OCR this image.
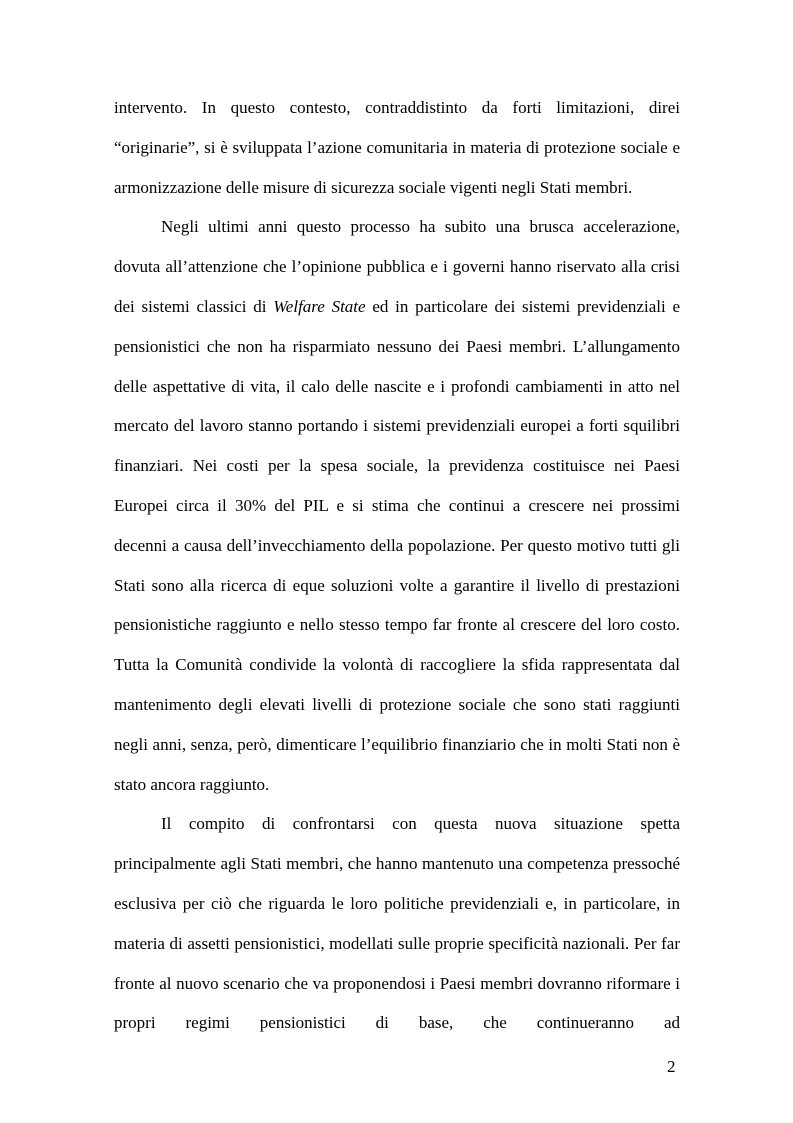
intervento. In questo contesto, contraddistinto da forti limitazioni, direi “originarie”, si è sviluppata l’azione comunitaria in materia di protezione sociale e armonizzazione delle misure di sicurezza sociale vigenti negli Stati membri.

Negli ultimi anni questo processo ha subito una brusca accelerazione, dovuta all’attenzione che l’opinione pubblica e i governi hanno riservato alla crisi dei sistemi classici di Welfare State ed in particolare dei sistemi previdenziali e pensionistici che non ha risparmiato nessuno dei Paesi membri. L’allungamento delle aspettative di vita, il calo delle nascite e i profondi cambiamenti in atto nel mercato del lavoro stanno portando i sistemi previdenziali europei a forti squilibri finanziari. Nei costi per la spesa sociale, la previdenza costituisce nei Paesi Europei circa il 30% del PIL e si stima che continui a crescere nei prossimi decenni a causa dell’invecchiamento della popolazione. Per questo motivo tutti gli Stati sono alla ricerca di eque soluzioni volte a garantire il livello di prestazioni pensionistiche raggiunto e nello stesso tempo far fronte al crescere del loro costo. Tutta la Comunità condivide la volontà di raccogliere la sfida rappresentata dal mantenimento degli elevati livelli di protezione sociale che sono stati raggiunti negli anni, senza, però, dimenticare l’equilibrio finanziario che in molti Stati non è stato ancora raggiunto.

Il compito di confrontarsi con questa nuova situazione spetta principalmente agli Stati membri, che hanno mantenuto una competenza pressoché esclusiva per ciò che riguarda le loro politiche previdenziali e, in particolare, in materia di assetti pensionistici, modellati sulle proprie specificità nazionali. Per far fronte al nuovo scenario che va proponendosi i Paesi membri dovranno riformare i propri regimi pensionistici di base, che continueranno ad

2
